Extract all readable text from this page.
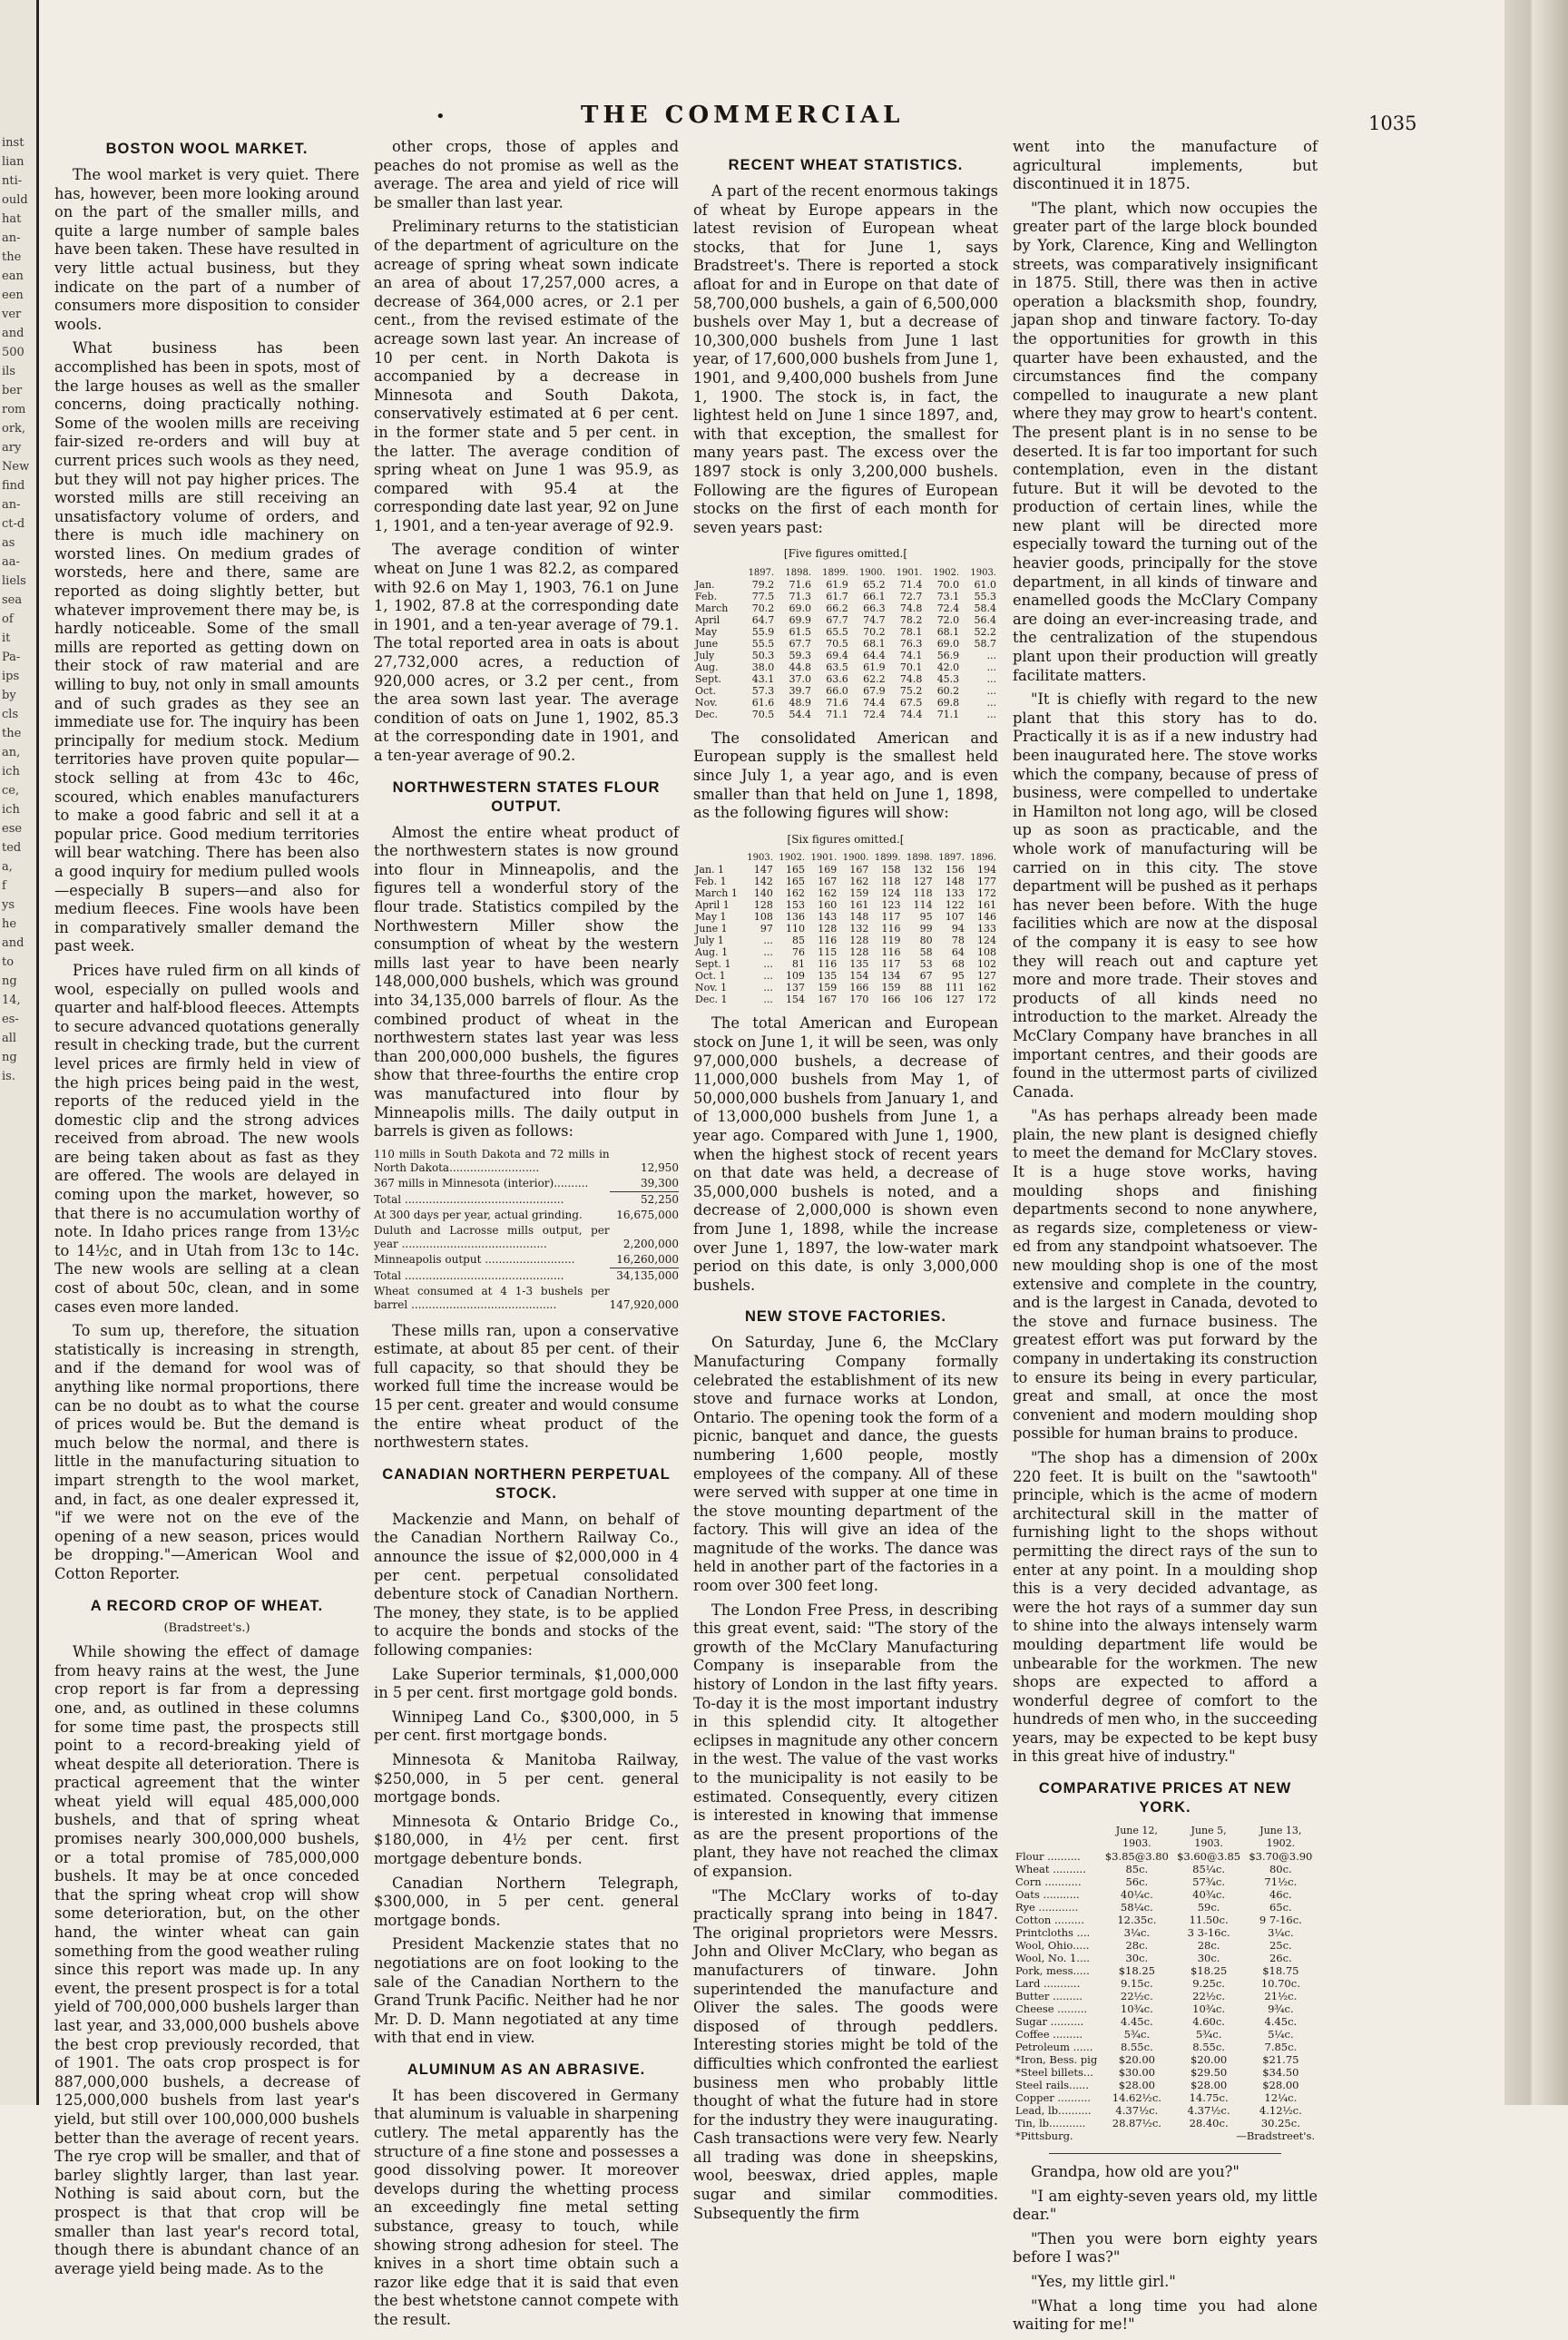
inst
lian
nti-
ould
hat
an-
the
ean
een
ver
and
500
ils
ber
rom
ork,
ary
New
find
an-
ct-d
as
aa-
liels
sea
of
it
Pa-
ips
by
cls
the
an,
ich
ce,
ich
ese
ted
a,
f
ys
he
and
to
ng
14,
es-
all
ng
is.
•	THE COMMERCIAL	1035
BOSTON WOOL MARKET.

The wool market is very quiet. There has, however, been more looking around on the part of the smaller mills, and quite a large number of sample bales have been taken. These have resulted in very little actual business, but they indicate on the part of a number of consumers more disposition to consider wools.

What business has been accomplished has been in spots, most of the large houses as well as the smaller concerns, doing practically nothing. Some of the woolen mills are receiving fair-sized re-orders and will buy at current prices such wools as they need, but they will not pay higher prices. The worsted mills are still receiving an unsatisfactory volume of orders, and there is much idle machinery on worsted lines. On medium grades of worsteds, here and there, same are reported as doing slightly better, but whatever improvement there may be, is hardly noticeable. Some of the small mills are reported as getting down on their stock of raw material and are willing to buy, not only in small amounts and of such grades as they see an immediate use for. The inquiry has been principally for medium stock. Medium territories have proven quite popular—stock selling at from 43c to 46c, scoured, which enables manufacturers to make a good fabric and sell it at a popular price. Good medium territories will bear watching. There has been also a good inquiry for medium pulled wools—especially B supers—and also for medium fleeces. Fine wools have been in comparatively smaller demand the past week.

Prices have ruled firm on all kinds of wool, especially on pulled wools and quarter and half-blood fleeces. Attempts to secure advanced quotations generally result in checking trade, but the current level prices are firmly held in view of the high prices being paid in the west, reports of the reduced yield in the domestic clip and the strong advices received from abroad. The new wools are being taken about as fast as they are offered. The wools are delayed in coming upon the market, however, so that there is no accumulation worthy of note. In Idaho prices range from 13½c to 14½c, and in Utah from 13c to 14c. The new wools are selling at a clean cost of about 50c, clean, and in some cases even more landed.

To sum up, therefore, the situation statistically is increasing in strength, and if the demand for wool was of anything like normal proportions, there can be no doubt as to what the course of prices would be. But the demand is much below the normal, and there is little in the manufacturing situation to impart strength to the wool market, and, in fact, as one dealer expressed it, "if we were not on the eve of the opening of a new season, prices would be dropping."—American Wool and Cotton Reporter.

A RECORD CROP OF WHEAT.
(Bradstreet's.)

While showing the effect of damage from heavy rains at the west, the June crop report is far from a depressing one, and, as outlined in these columns for some time past, the prospects still point to a record-breaking yield of wheat despite all deterioration. There is practical agreement that the winter wheat yield will equal 485,000,000 bushels, and that of spring wheat promises nearly 300,000,000 bushels, or a total promise of 785,000,000 bushels. It may be at once conceded that the spring wheat crop will show some deterioration, but, on the other hand, the winter wheat can gain something from the good weather ruling since this report was made up. In any event, the present prospect is for a total yield of 700,000,000 bushels larger than last year, and 33,000,000 bushels above the best crop previously recorded, that of 1901. The oats crop prospect is for 887,000,000 bushels, a decrease of 125,000,000 bushels from last year's yield, but still over 100,000,000 bushels better than the average of recent years. The rye crop will be smaller, and that of barley slightly larger, than last year. Nothing is said about corn, but the prospect is that that crop will be smaller than last year's record total, though there is abundant chance of an average yield being made. As to the

other crops, those of apples and peaches do not promise as well as the average. The area and yield of rice will be smaller than last year.

Preliminary returns to the statistician of the department of agriculture on the acreage of spring wheat sown indicate an area of about 17,257,000 acres, a decrease of 364,000 acres, or 2.1 per cent., from the revised estimate of the acreage sown last year. An increase of 10 per cent. in North Dakota is accompanied by a decrease in Minnesota and South Dakota, conservatively estimated at 6 per cent. in the former state and 5 per cent. in the latter. The average condition of spring wheat on June 1 was 95.9, as compared with 95.4 at the corresponding date last year, 92 on June 1, 1901, and a ten-year average of 92.9.

The average condition of winter wheat on June 1 was 82.2, as compared with 92.6 on May 1, 1903, 76.1 on June 1, 1902, 87.8 at the corresponding date in 1901, and a ten-year average of 79.1. The total reported area in oats is about 27,732,000 acres, a reduction of 920,000 acres, or 3.2 per cent., from the area sown last year. The average condition of oats on June 1, 1902, 85.3 at the corresponding date in 1901, and a ten-year average of 90.2.

NORTHWESTERN STATES FLOUR OUTPUT.

Almost the entire wheat product of the northwestern states is now ground into flour in Minneapolis, and the figures tell a wonderful story of the flour trade. Statistics compiled by the Northwestern Miller show the consumption of wheat by the western mills last year to have been nearly 148,000,000 bushels, which was ground into 34,135,000 barrels of flour. As the combined product of wheat in the northwestern states last year was less than 200,000,000 bushels, the figures show that three-fourths the entire crop was manufactured into flour by Minneapolis mills. The daily output in barrels is given as follows:

110 mills in South Dakota and 72 mills in North Dakota..........................	12,950
367 mills in Minnesota (interior)..........	39,300
Total ..............................................	52,250
At 300 days per year, actual grinding.	16,675,000
Duluth and Lacrosse mills output, per year ..........................................	2,200,000
Minneapolis output ..........................	16,260,000
Total ..............................................	34,135,000
Wheat consumed at 4 1-3 bushels per barrel ..........................................	147,920,000

These mills ran, upon a conservative estimate, at about 85 per cent. of their full capacity, so that should they be worked full time the increase would be 15 per cent. greater and would consume the entire wheat product of the northwestern states.

CANADIAN NORTHERN PERPETUAL STOCK.

Mackenzie and Mann, on behalf of the Canadian Northern Railway Co., announce the issue of $2,000,000 in 4 per cent. perpetual consolidated debenture stock of Canadian Northern. The money, they state, is to be applied to acquire the bonds and stocks of the following companies:

Lake Superior terminals, $1,000,000 in 5 per cent. first mortgage gold bonds.

Winnipeg Land Co., $300,000, in 5 per cent. first mortgage bonds.

Minnesota & Manitoba Railway, $250,000, in 5 per cent. general mortgage bonds.

Minnesota & Ontario Bridge Co., $180,000, in 4½ per cent. first mortgage debenture bonds.

Canadian Northern Telegraph, $300,000, in 5 per cent. general mortgage bonds.

President Mackenzie states that no negotiations are on foot looking to the sale of the Canadian Northern to the Grand Trunk Pacific. Neither had he nor Mr. D. D. Mann negotiated at any time with that end in view.

ALUMINUM AS AN ABRASIVE.

It has been discovered in Germany that aluminum is valuable in sharpening cutlery. The metal apparently has the structure of a fine stone and possesses a good dissolving power. It moreover develops during the whetting process an exceedingly fine metal setting substance, greasy to touch, while showing strong adhesion for steel. The knives in a short time obtain such a razor like edge that it is said that even the best whetstone cannot compete with the result.

RECENT WHEAT STATISTICS.

A part of the recent enormous takings of wheat by Europe appears in the latest revision of European wheat stocks, that for June 1, says Bradstreet's. There is reported a stock afloat for and in Europe on that date of 58,700,000 bushels, a gain of 6,500,000 bushels over May 1, but a decrease of 10,300,000 bushels from June 1 last year, of 17,600,000 bushels from June 1, 1901, and 9,400,000 bushels from June 1, 1900. The stock is, in fact, the lightest held on June 1 since 1897, and, with that exception, the smallest for many years past. The excess over the 1897 stock is only 3,200,000 bushels. Following are the figures of European stocks on the first of each month for seven years past:

[Five figures omitted.[
	1897.	1898.	1899.	1900.	1901.	1902.	1903.
Jan.	79.2	71.6	61.9	65.2	71.4	70.0	61.0
Feb.	77.5	71.3	61.7	66.1	72.7	73.1	55.3
March	70.2	69.0	66.2	66.3	74.8	72.4	58.4
April	64.7	69.9	67.7	74.7	78.2	72.0	56.4
May	55.9	61.5	65.5	70.2	78.1	68.1	52.2
June	55.5	67.7	70.5	68.1	76.3	69.0	58.7
July	50.3	59.3	69.4	64.4	74.1	56.9	...
Aug.	38.0	44.8	63.5	61.9	70.1	42.0	...
Sept.	43.1	37.0	63.6	62.2	74.8	45.3	...
Oct.	57.3	39.7	66.0	67.9	75.2	60.2	...
Nov.	61.6	48.9	71.6	74.4	67.5	69.8	...
Dec.	70.5	54.4	71.1	72.4	74.4	71.1	...

The consolidated American and European supply is the smallest held since July 1, a year ago, and is even smaller than that held on June 1, 1898, as the following figures will show:

[Six figures omitted.[
	1903.	1902.	1901.	1900.	1899.	1898.	1897.	1896.
Jan. 1	147	165	169	167	158	132	156	194
Feb. 1	142	165	167	162	118	127	148	177
March 1	140	162	162	159	124	118	133	172
April 1	128	153	160	161	123	114	122	161
May 1	108	136	143	148	117	95	107	146
June 1	97	110	128	132	116	99	94	133
July 1	...	85	116	128	119	80	78	124
Aug. 1	...	76	115	128	116	58	64	108
Sept. 1	...	81	116	135	117	53	68	102
Oct. 1	...	109	135	154	134	67	95	127
Nov. 1	...	137	159	166	159	88	111	162
Dec. 1	...	154	167	170	166	106	127	172

The total American and European stock on June 1, it will be seen, was only 97,000,000 bushels, a decrease of 11,000,000 bushels from May 1, of 50,000,000 bushels from January 1, and of 13,000,000 bushels from June 1, a year ago. Compared with June 1, 1900, when the highest stock of recent years on that date was held, a decrease of 35,000,000 bushels is noted, and a decrease of 2,000,000 is shown even from June 1, 1898, while the increase over June 1, 1897, the low-water mark period on this date, is only 3,000,000 bushels.

NEW STOVE FACTORIES.

On Saturday, June 6, the McClary Manufacturing Company formally celebrated the establishment of its new stove and furnace works at London, Ontario. The opening took the form of a picnic, banquet and dance, the guests numbering 1,600 people, mostly employees of the company. All of these were served with supper at one time in the stove mounting department of the factory. This will give an idea of the magnitude of the works. The dance was held in another part of the factories in a room over 300 feet long.

The London Free Press, in describing this great event, said: "The story of the growth of the McClary Manufacturing Company is inseparable from the history of London in the last fifty years. To-day it is the most important industry in this splendid city. It altogether eclipses in magnitude any other concern in the west. The value of the vast works to the municipality is not easily to be estimated. Consequently, every citizen is interested in knowing that immense as are the present proportions of the plant, they have not reached the climax of expansion.

"The McClary works of to-day practically sprang into being in 1847. The original proprietors were Messrs. John and Oliver McClary, who began as manufacturers of tinware. John superintended the manufacture and Oliver the sales. The goods were disposed of through peddlers. Interesting stories might be told of the difficulties which confronted the earliest business men who probably little thought of what the future had in store for the industry they were inaugurating. Cash transactions were very few. Nearly all trading was done in sheepskins, wool, beeswax, dried apples, maple sugar and similar commodities. Subsequently the firm

went into the manufacture of agricultural implements, but discontinued it in 1875.

"The plant, which now occupies the greater part of the large block bounded by York, Clarence, King and Wellington streets, was comparatively insignificant in 1875. Still, there was then in active operation a blacksmith shop, foundry, japan shop and tinware factory. To-day the opportunities for growth in this quarter have been exhausted, and the circumstances find the company compelled to inaugurate a new plant where they may grow to heart's content. The present plant is in no sense to be deserted. It is far too important for such contemplation, even in the distant future. But it will be devoted to the production of certain lines, while the new plant will be directed more especially toward the turning out of the heavier goods, principally for the stove department, in all kinds of tinware and enamelled goods the McClary Company are doing an ever-increasing trade, and the centralization of the stupendous plant upon their production will greatly facilitate matters.

"It is chiefly with regard to the new plant that this story has to do. Practically it is as if a new industry had been inaugurated here. The stove works which the company, because of press of business, were compelled to undertake in Hamilton not long ago, will be closed up as soon as practicable, and the whole work of manufacturing will be carried on in this city. The stove department will be pushed as it perhaps has never been before. With the huge facilities which are now at the disposal of the company it is easy to see how they will reach out and capture yet more and more trade. Their stoves and products of all kinds need no introduction to the market. Already the McClary Company have branches in all important centres, and their goods are found in the uttermost parts of civilized Canada.

"As has perhaps already been made plain, the new plant is designed chiefly to meet the demand for McClary stoves. It is a huge stove works, having moulding shops and finishing departments second to none anywhere, as regards size, completeness or view-ed from any standpoint whatsoever. The new moulding shop is one of the most extensive and complete in the country, and is the largest in Canada, devoted to the stove and furnace business. The greatest effort was put forward by the company in undertaking its construction to ensure its being in every particular, great and small, at once the most convenient and modern moulding shop possible for human brains to produce.

"The shop has a dimension of 200x 220 feet. It is built on the "sawtooth" principle, which is the acme of modern architectural skill in the matter of furnishing light to the shops without permitting the direct rays of the sun to enter at any point. In a moulding shop this is a very decided advantage, as were the hot rays of a summer day sun to shine into the always intensely warm moulding department life would be unbearable for the workmen. The new shops are expected to afford a wonderful degree of comfort to the hundreds of men who, in the succeeding years, may be expected to be kept busy in this great hive of industry."

COMPARATIVE PRICES AT NEW YORK.
	June 12, 1903.	June 5, 1903.	June 13, 1902.
Flour ..........	$3.85@3.80	$3.60@3.85	$3.70@3.90
Wheat ..........	85c.	85¼c.	80c.
Corn ...........	56c.	57¾c.	71½c.
Oats ...........	40¼c.	40¾c.	46c.
Rye ............	58¼c.	59c.	65c.
Cotton .........	12.35c.	11.50c.	9 7-16c.
Printcloths ....	3¼c.	3 3-16c.	3¼c.
Wool, Ohio.....	28c.	28c.	25c.
Wool, No. 1....	30c.	30c.	26c.
Pork, mess.....	$18.25	$18.25	$18.75
Lard ...........	9.15c.	9.25c.	10.70c.
Butter .........	22½c.	22½c.	21½c.
Cheese .........	10¾c.	10¾c.	9¾c.
Sugar ..........	4.45c.	4.60c.	4.45c.
Coffee .........	5¾c.	5¾c.	5¼c.
Petroleum ......	8.55c.	8.55c.	7.85c.
*Iron, Bess. pig	$20.00	$20.00	$21.75
*Steel billets...	$30.00	$29.50	$34.50
Steel rails......	$28.00	$28.00	$28.00
Copper ..........	14.62½c.	14.75c.	12¼c.
Lead, lb..........	4.37½c.	4.37½c.	4.12½c.
Tin, lb...........	28.87½c.	28.40c.	30.25c.
*Pittsburg.	—Bradstreet's.		

Grandpa, how old are you?"

"I am eighty-seven years old, my little dear."

"Then you were born eighty years before I was?"

"Yes, my little girl."

"What a long time you had alone waiting for me!"
